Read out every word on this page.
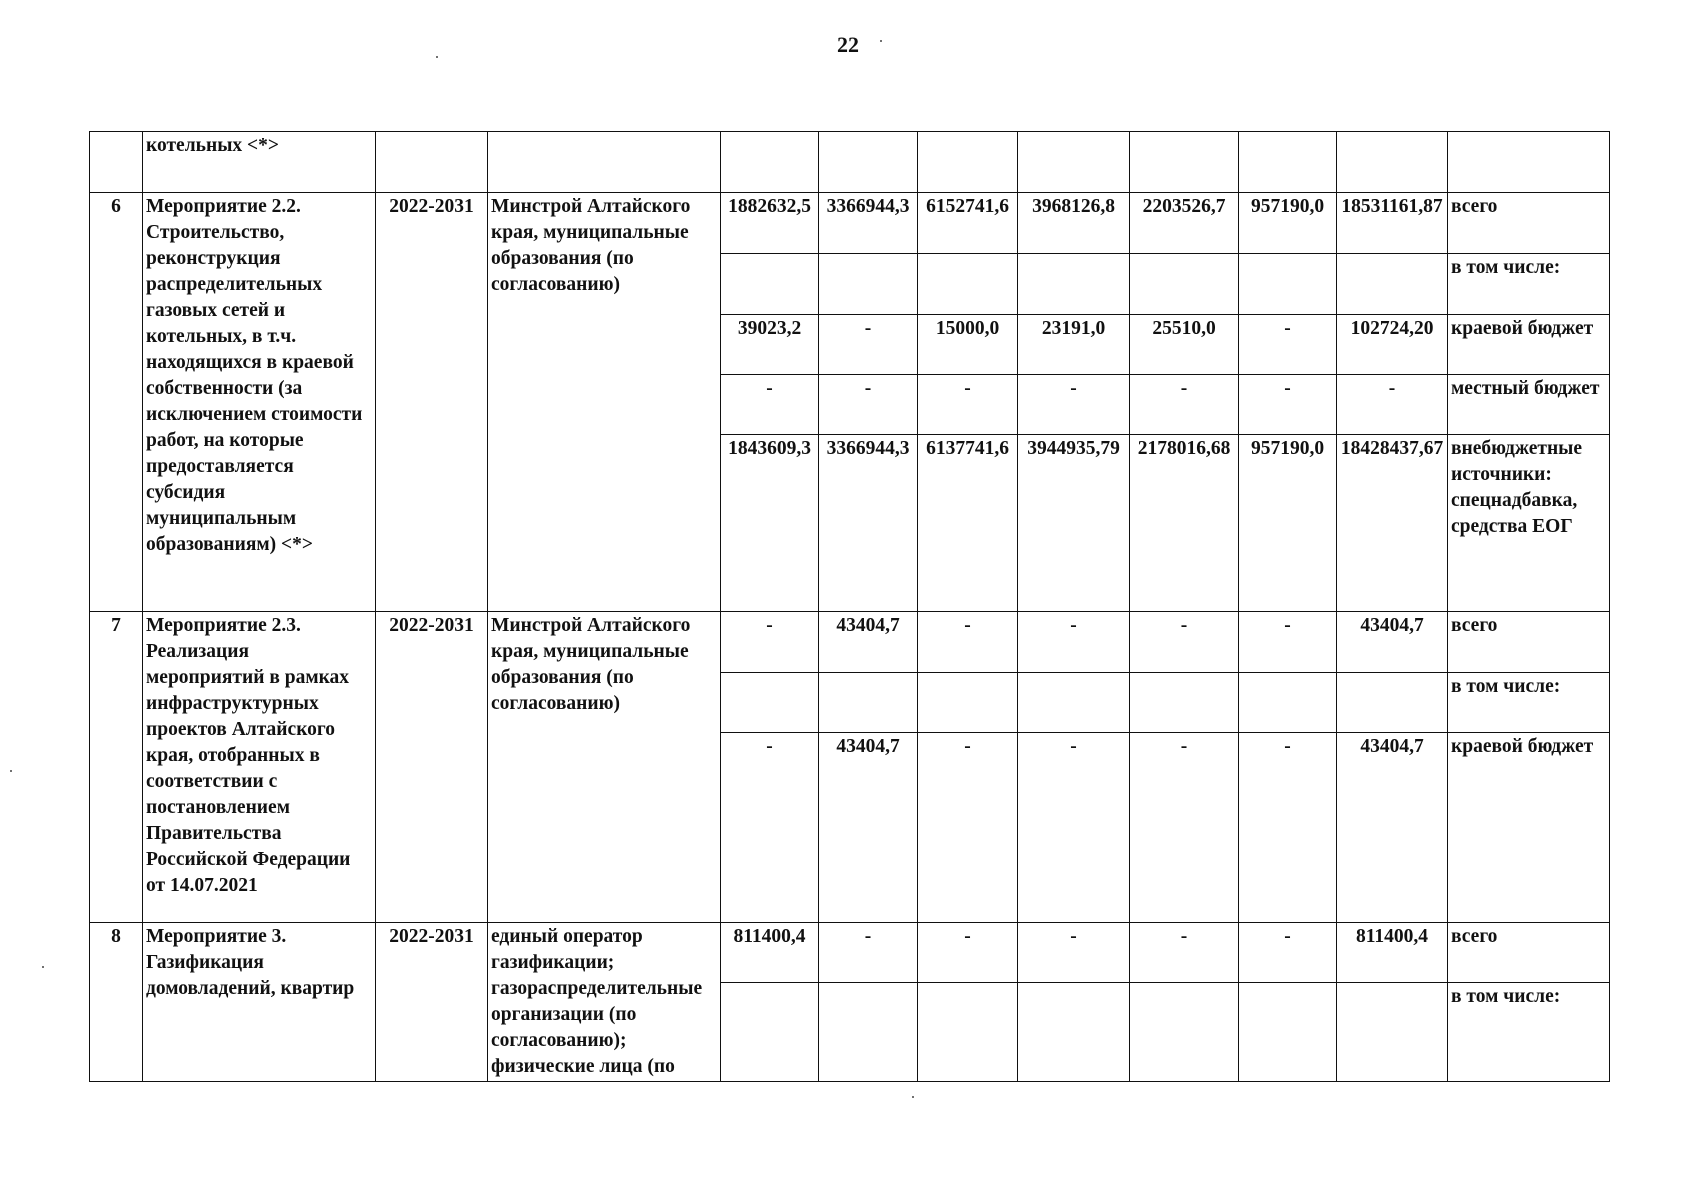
22
	котельных <*>										
6	Мероприятие 2.2. Строительство, реконструкция распределительных газовых сетей и котельных, в т.ч. находящихся в краевой собственности (за исключением стоимости работ, на которые предоставляется субсидия муниципальным образованиям) <*>	2022-2031	Минстрой Алтайского края, муниципальные образования (по согласованию)	1882632,5	3366944,3	6152741,6	3968126,8	2203526,7	957190,0	18531161,87	всего
											в том числе:
				39023,2	-	15000,0	23191,0	25510,0	-	102724,20	краевой бюджет
				-	-	-	-	-	-	-	местный бюджет
				1843609,3	3366944,3	6137741,6	3944935,79	2178016,68	957190,0	18428437,67	внебюджетные источники: спецнадбавка, средства ЕОГ
7	Мероприятие 2.3. Реализация мероприятий в рамках инфраструктурных проектов Алтайского края, отобранных в соответствии с постановлением Правительства Российской Федерации от 14.07.2021	2022-2031	Минстрой Алтайского края, муниципальные образования (по согласованию)	-	43404,7	-	-	-	-	43404,7	всего
											в том числе:
				-	43404,7	-	-	-	-	43404,7	краевой бюджет
8	Мероприятие 3. Газификация домовладений, квартир	2022-2031	единый оператор газификации; газораспределительные организации (по согласованию); физические лица (по	811400,4	-	-	-	-	-	811400,4	всего
											в том числе:
